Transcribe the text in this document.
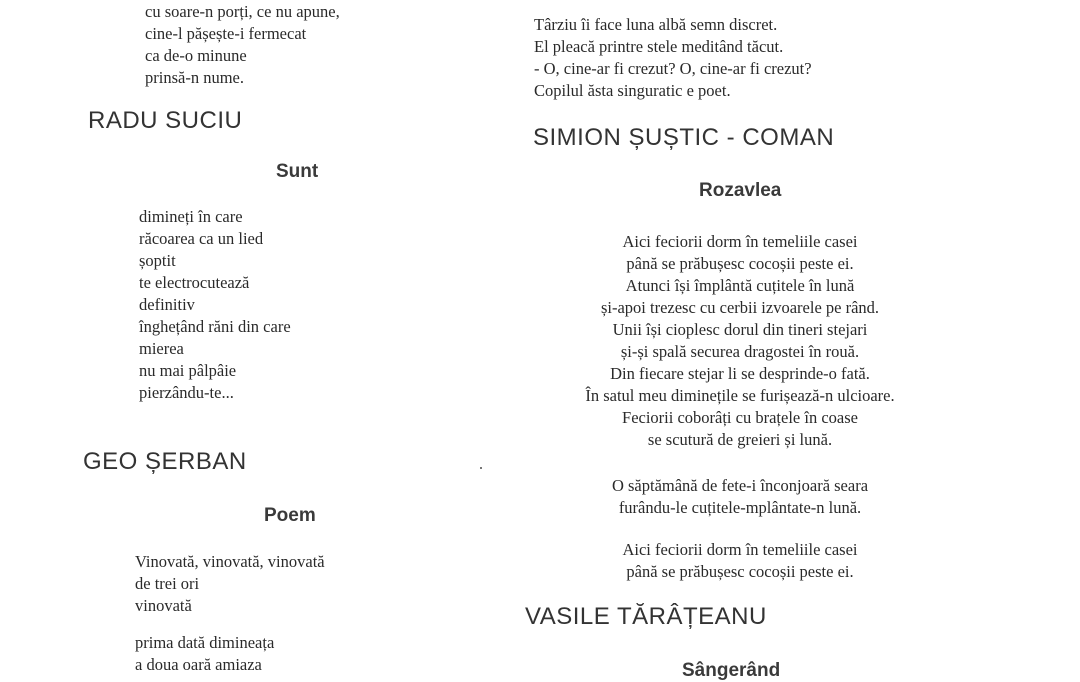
cu soare-n porți, ce nu apune,
cine-l pășește-i fermecat
ca de-o minune
prinsă-n nume.
RADU SUCIU
Sunt
dimineți în care
răcoarea ca un lied
șoptit
te electrocutează
definitiv
înghețând răni din care
mierea
nu mai pâlpâie
pierzându-te...
GEO ȘERBAN
Poem
Vinovată, vinovată, vinovată
de trei ori
vinovată
prima dată dimineața
a doua oară amiaza
Târziu îi face luna albă semn discret.
El pleacă printre stele meditând tăcut.
- O, cine-ar fi crezut? O, cine-ar fi crezut?
Copilul ăsta singuratic e poet.
SIMION ȘUȘTIC - COMAN
Rozavlea
Aici feciorii dorm în temeliile casei
până se prăbușesc cocoșii peste ei.
Atunci își împlântă cuțitele în lună
și-apoi trezesc cu cerbii izvoarele pe rând.
Unii își cioplesc dorul din tineri stejari
și-și spală securea dragostei în rouă.
Din fiecare stejar li se desprinde-o fată.
În satul meu diminețile se furișează-n ulcioare.
Feciorii coborâți cu brațele în coase
se scutură de greieri și lună.
O săptămână de fete-i înconjoară seara
furându-le cuțitele-mplântate-n lună.
Aici feciorii dorm în temeliile casei
până se prăbușesc cocoșii peste ei.
VASILE TĂRÂȚEANU
Sângerând
